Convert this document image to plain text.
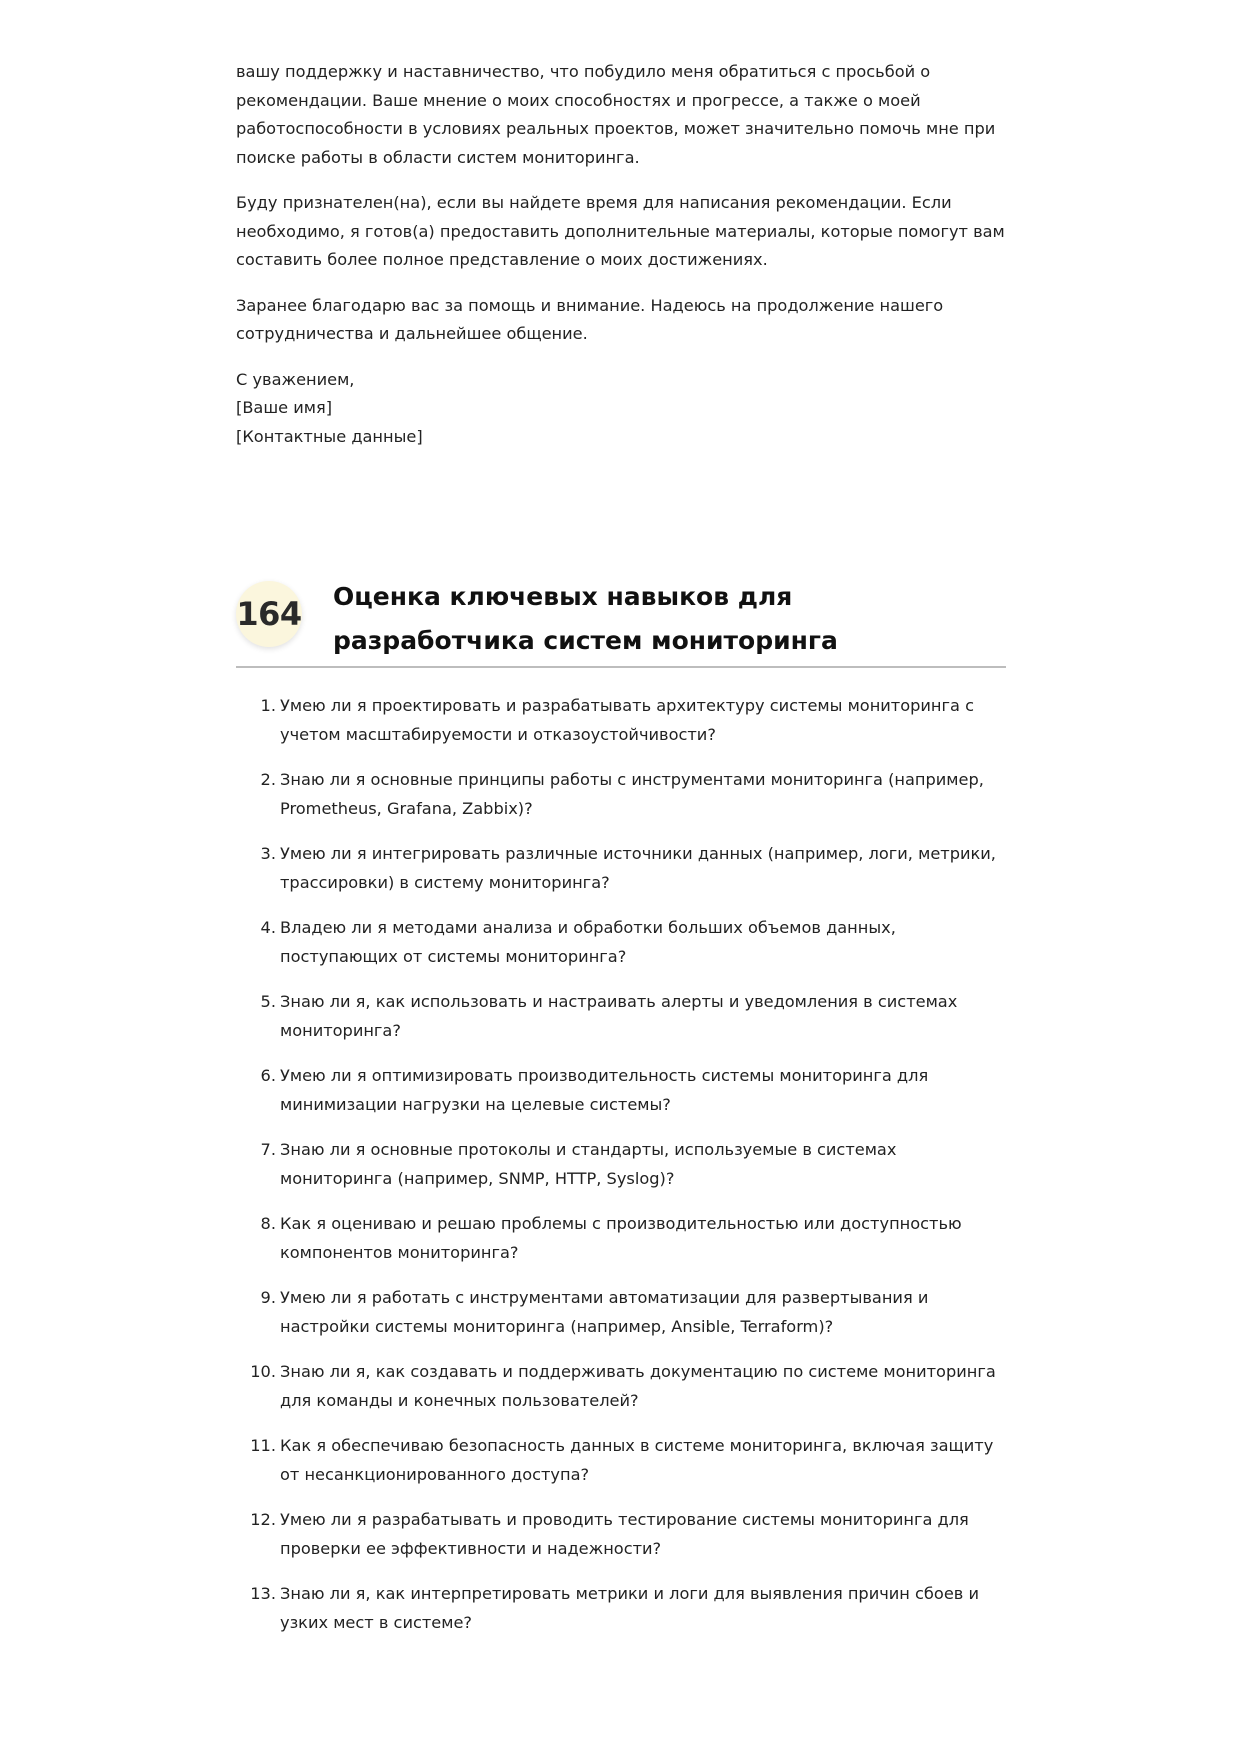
вашу поддержку и наставничество, что побудило меня обратиться с просьбой о рекомендации. Ваше мнение о моих способностях и прогрессе, а также о моей работоспособности в условиях реальных проектов, может значительно помочь мне при поиске работы в области систем мониторинга.

Буду признателен(на), если вы найдете время для написания рекомендации. Если необходимо, я готов(а) предоставить дополнительные материалы, которые помогут вам составить более полное представление о моих достижениях.

Заранее благодарю вас за помощь и внимание. Надеюсь на продолжение нашего сотрудничества и дальнейшее общение.

С уважением,
[Ваше имя]
[Контактные данные]
164 Оценка ключевых навыков для разработчика систем мониторинга
1. Умею ли я проектировать и разрабатывать архитектуру системы мониторинга с учетом масштабируемости и отказоустойчивости?
2. Знаю ли я основные принципы работы с инструментами мониторинга (например, Prometheus, Grafana, Zabbix)?
3. Умею ли я интегрировать различные источники данных (например, логи, метрики, трассировки) в систему мониторинга?
4. Владею ли я методами анализа и обработки больших объемов данных, поступающих от системы мониторинга?
5. Знаю ли я, как использовать и настраивать алерты и уведомления в системах мониторинга?
6. Умею ли я оптимизировать производительность системы мониторинга для минимизации нагрузки на целевые системы?
7. Знаю ли я основные протоколы и стандарты, используемые в системах мониторинга (например, SNMP, HTTP, Syslog)?
8. Как я оцениваю и решаю проблемы с производительностью или доступностью компонентов мониторинга?
9. Умею ли я работать с инструментами автоматизации для развертывания и настройки системы мониторинга (например, Ansible, Terraform)?
10. Знаю ли я, как создавать и поддерживать документацию по системе мониторинга для команды и конечных пользователей?
11. Как я обеспечиваю безопасность данных в системе мониторинга, включая защиту от несанкционированного доступа?
12. Умею ли я разрабатывать и проводить тестирование системы мониторинга для проверки ее эффективности и надежности?
13. Знаю ли я, как интерпретировать метрики и логи для выявления причин сбоев и узких мест в системе?
